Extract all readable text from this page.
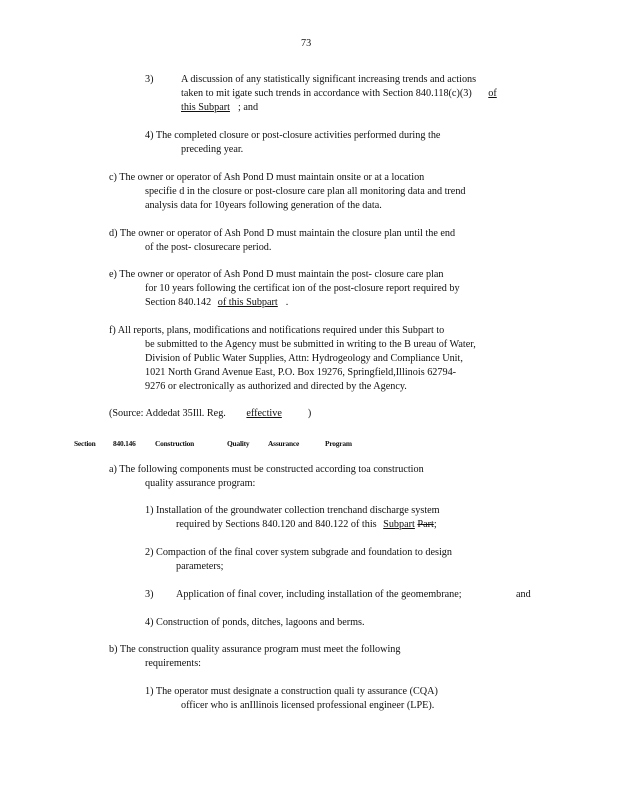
73
3)	A discussion of any statistically significant increasing trends and actions
taken to mit igate such trends in accordance with Section 840.118(c)(3) of
this Subpart ; and
4) The completed closure or post-closure activities performed during the
preceding year.
c) The owner or operator of Ash Pond D must maintain onsite or at a location
specifie d in the closure or post-closure care plan all monitoring data and trend
analysis data for 10years following generation of the data.
d) The owner or operator of Ash Pond D must maintain the closure plan until the end
of the post- closurecare period.
e) The owner or operator of Ash Pond D must maintain the post- closure care plan
for 10 years following the certificat ion of the post-closure report required by
Section 840.142 of this Subpart .
f) All reports, plans, modifications and notifications required under this Subpart to
be submitted to the Agency must be submitted in writing to the B ureau of Water,
Division of Public Water Supplies, Attn: Hydrogeology and Compliance Unit,
1021 North Grand Avenue East, P.O. Box 19276, Springfield,Illinois 62794-
9276 or electronically as authorized and directed by the Agency.
(Source: Addedat 35Ill. Reg. effective	)
Section 840.146	Construction	Quality	Assurance	Program
a) The following components must be constructed according toa construction
quality assurance program:
1) Installation of the groundwater collection trenchand discharge system
required by Sections 840.120 and 840.122 of this Subpart Part;
2) Compaction of the final cover system subgrade and foundation to design
parameters;
3) Application of final cover, including installation of the geomembrane;	and
4) Construction of ponds, ditches, lagoons and berms.
b) The construction quality assurance program must meet the following
requirements:
1) The operator must designate a construction quali ty assurance (CQA)
officer who is anIllinois licensed professional engineer (LPE).
